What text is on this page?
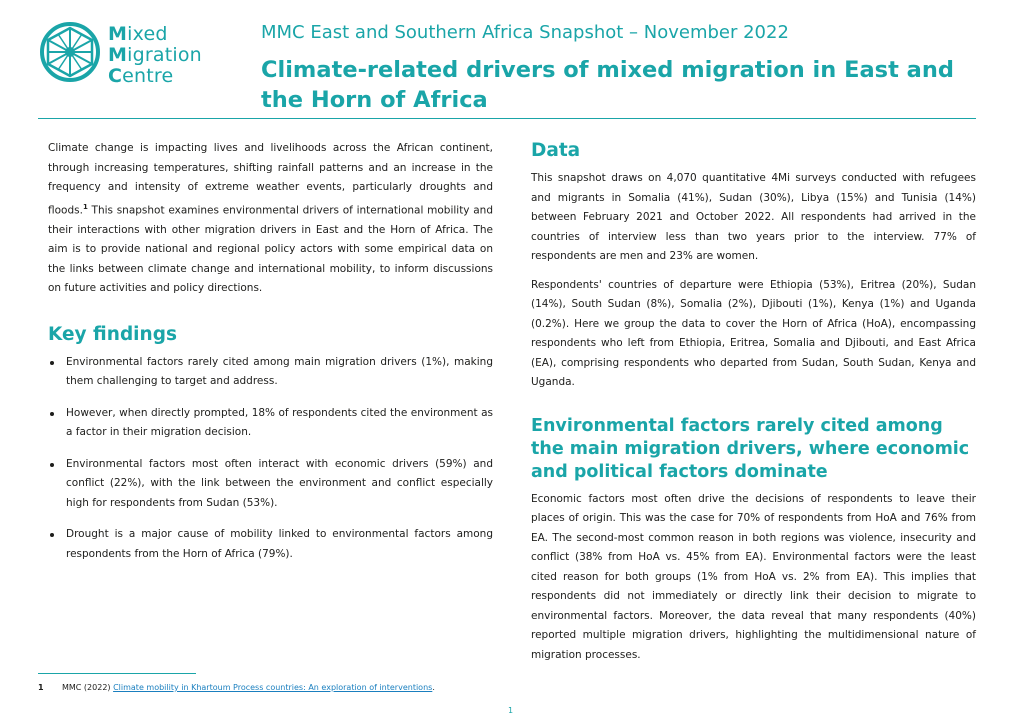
Mixed
Migration
Centre
MMC East and Southern Africa Snapshot – November 2022
Climate-related drivers of mixed migration in East and the Horn of Africa

Climate change is impacting lives and livelihoods across the African continent, through increasing temperatures, shifting rainfall patterns and an increase in the frequency and intensity of extreme weather events, particularly droughts and floods.$^1$ This snapshot examines environmental drivers of international mobility and their interactions with other migration drivers in East and the Horn of Africa. The aim is to provide national and regional policy actors with some empirical data on the links between climate change and international mobility, to inform discussions on future activities and policy directions.

Key findings
Environmental factors rarely cited among main migration drivers (1%), making them challenging to target and address.
However, when directly prompted, 18% of respondents cited the environment as a factor in their migration decision.
Environmental factors most often interact with economic drivers (59%) and conflict (22%), with the link between the environment and conflict especially high for respondents from Sudan (53%).
Drought is a major cause of mobility linked to environmental factors among respondents from the Horn of Africa (79%).
Data

This snapshot draws on 4,070 quantitative 4Mi surveys conducted with refugees and migrants in Somalia (41%), Sudan (30%), Libya (15%) and Tunisia (14%) between February 2021 and October 2022. All respondents had arrived in the countries of interview less than two years prior to the interview. 77% of respondents are men and 23% are women.

Respondents' countries of departure were Ethiopia (53%), Eritrea (20%), Sudan (14%), South Sudan (8%), Somalia (2%), Djibouti (1%), Kenya (1%) and Uganda (0.2%). Here we group the data to cover the Horn of Africa (HoA), encompassing respondents who left from Ethiopia, Eritrea, Somalia and Djibouti, and East Africa (EA), comprising respondents who departed from Sudan, South Sudan, Kenya and Uganda.

Environmental factors rarely cited among the main migration drivers, where economic and political factors dominate

Economic factors most often drive the decisions of respondents to leave their places of origin. This was the case for 70% of respondents from HoA and 76% from EA. The second-most common reason in both regions was violence, insecurity and conflict (38% from HoA vs. 45% from EA). Environmental factors were the least cited reason for both groups (1% from HoA vs. 2% from EA). This implies that respondents did not immediately or directly link their decision to migrate to environmental factors. Moreover, the data reveal that many respondents (40%) reported multiple migration drivers, highlighting the multidimensional nature of migration processes.

1 MMC (2022) Climate mobility in Khartoum Process countries: An exploration of interventions.
1
